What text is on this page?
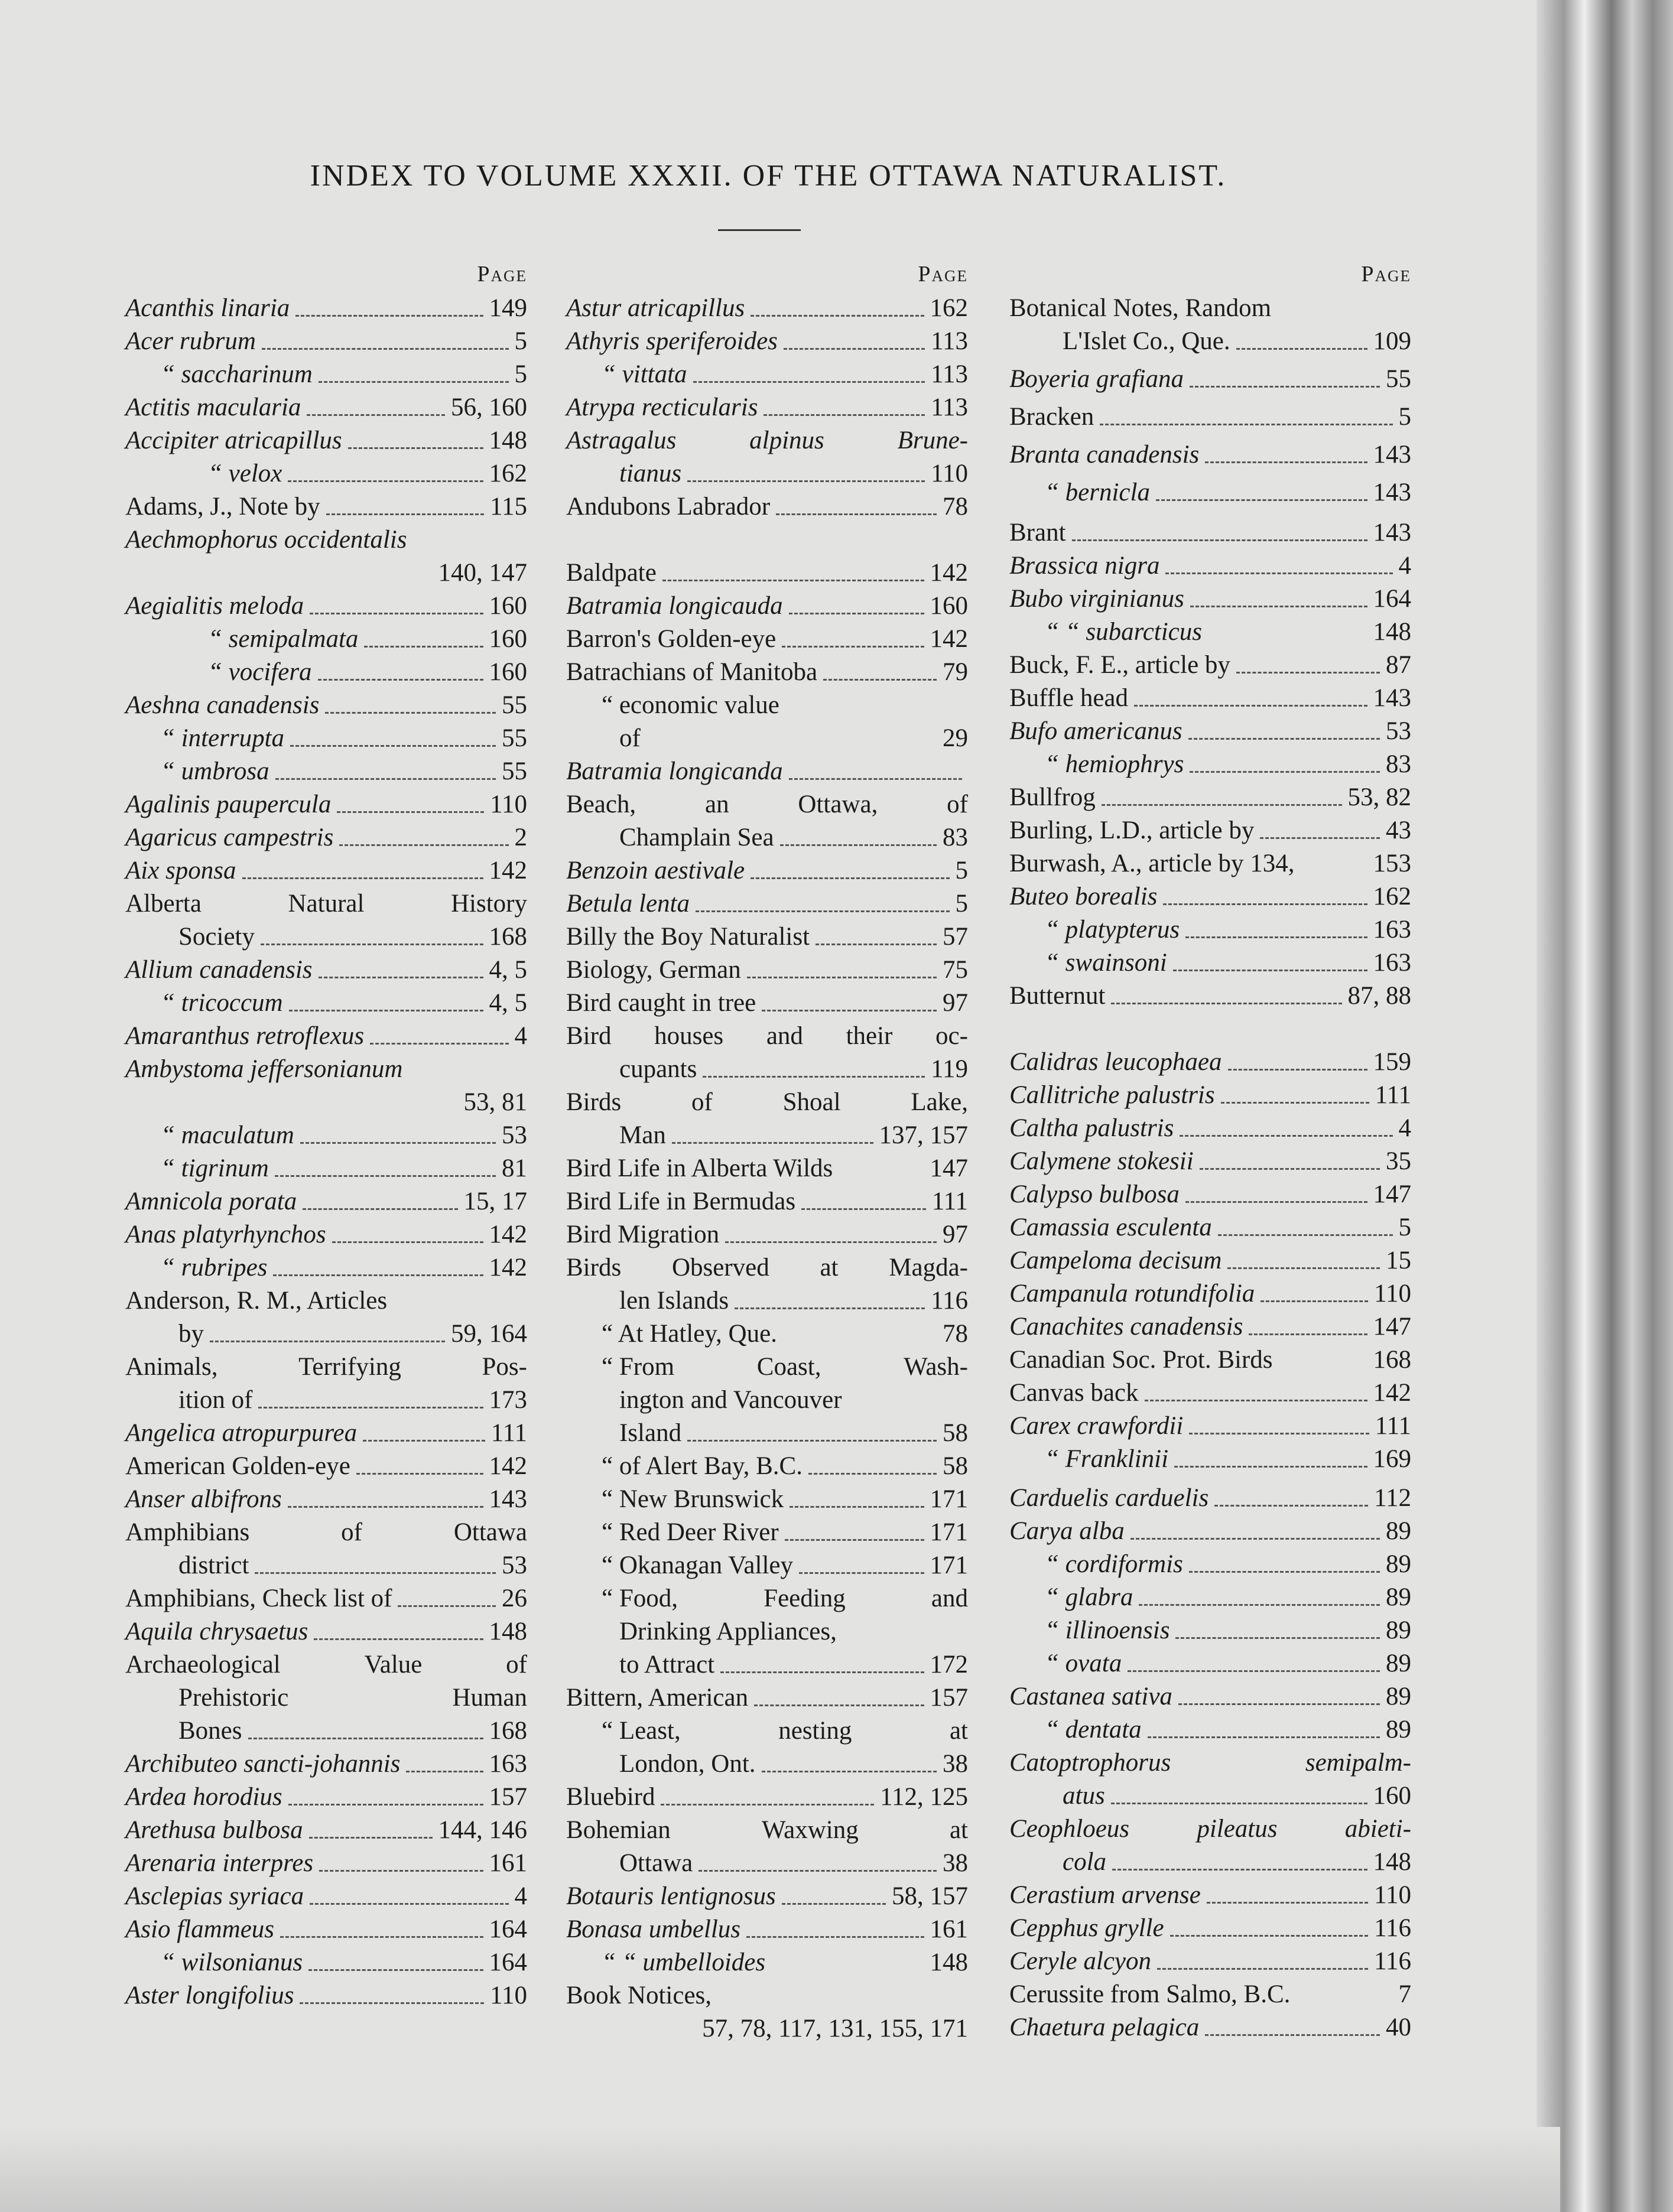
INDEX TO VOLUME XXXII. OF THE OTTAWA NATURALIST.
Page
Acanthis linaria	149
Acer rubrum	5
“ saccharinum	5
Actitis macularia	56, 160
Accipiter atricapillus	148
“ velox	162
Adams, J., Note by	115
Aechmophorus occidentalis
140, 147
Aegialitis meloda	160
“ semipalmata	160
“ vocifera	160
Aeshna canadensis	55
“ interrupta	55
“ umbrosa	55
Agalinis paupercula	110
Agaricus campestris	2
Aix sponsa	142
Alberta	Natural	History
Society	168
Allium canadensis	4, 5
“ tricoccum	4, 5
Amaranthus retroflexus	4
Ambystoma jeffersonianum
53, 81
“ maculatum	53
“ tigrinum	81
Amnicola porata	15, 17
Anas platyrhynchos	142
“ rubripes	142
Anderson, R. M., Articles
by	59, 164
Animals,	Terrifying	Pos-
ition of	173
Angelica atropurpurea	111
American Golden-eye	142
Anser albifrons	143
Amphibians	of	Ottawa
district	53
Amphibians, Check list of	26
Aquila chrysaetus	148
Archaeological	Value	of
Prehistoric	Human
Bones	168
Archibuteo sancti-johannis	163
Ardea horodius	157
Arethusa bulbosa	144, 146
Arenaria interpres	161
Asclepias syriaca	4
Asio flammeus	164
“ wilsonianus	164
Aster longifolius	110
Page
Astur atricapillus	162
Athyris speriferoides	113
“ vittata	113
Atrypa recticularis	113
Astragalus	alpinus	Brune-
tianus	110
Andubons Labrador	78
Baldpate	142
Batramia longicauda	160
Barron's Golden-eye	142
Batrachians of Manitoba	79
“ economic value
of	29
Batramia longicanda
Beach,	an	Ottawa,	of
Champlain Sea	83
Benzoin aestivale	5
Betula lenta	5
Billy the Boy Naturalist	57
Biology, German	75
Bird caught in tree	97
Bird houses and their oc-
cupants	119
Birds	of	Shoal	Lake,
Man	137, 157
Bird Life in Alberta Wilds	147
Bird Life in Bermudas	111
Bird Migration	97
Birds Observed at Magda-
len Islands	116
“ At Hatley, Que.	78
“ From	Coast,	Wash-
ington and Vancouver
Island	58
“ of Alert Bay, B.C.	58
“ New Brunswick	171
“ Red Deer River	171
“ Okanagan Valley	171
“ Food,	Feeding	and
Drinking Appliances,
to Attract	172
Bittern, American	157
“ Least,	nesting	at
London, Ont.	38
Bluebird	112, 125
Bohemian	Waxwing	at
Ottawa	38
Botauris lentignosus	58, 157
Bonasa umbellus	161
“ “ umbelloides	148
Book Notices,
57, 78, 117, 131, 155, 171
Page
Botanical Notes, Random
L'Islet Co., Que.	109
Boyeria grafiana	55
Bracken	5
Branta canadensis	143
“ bernicla	143
Brant	143
Brassica nigra	4
Bubo virginianus	164
“ “ subarcticus	148
Buck, F. E., article by	87
Buffle head	143
Bufo americanus	53
“ hemiophrys	83
Bullfrog	53, 82
Burling, L.D., article by	43
Burwash, A., article by 134,	153
Buteo borealis	162
“ platypterus	163
“ swainsoni	163
Butternut	87, 88
Calidras leucophaea	159
Callitriche palustris	111
Caltha palustris	4
Calymene stokesii	35
Calypso bulbosa	147
Camassia esculenta	5
Campeloma decisum	15
Campanula rotundifolia	110
Canachites canadensis	147
Canadian Soc. Prot. Birds	168
Canvas back	142
Carex crawfordii	111
“ Franklinii	169
Carduelis carduelis	112
Carya alba	89
“ cordiformis	89
“ glabra	89
“ illinoensis	89
“ ovata	89
Castanea sativa	89
“ dentata	89
Catoptrophorus	semipalm-
atus	160
Ceophloeus	pileatus	abieti-
cola	148
Cerastium arvense	110
Cepphus grylle	116
Ceryle alcyon	116
Cerussite from Salmo, B.C.	7
Chaetura pelagica	40
